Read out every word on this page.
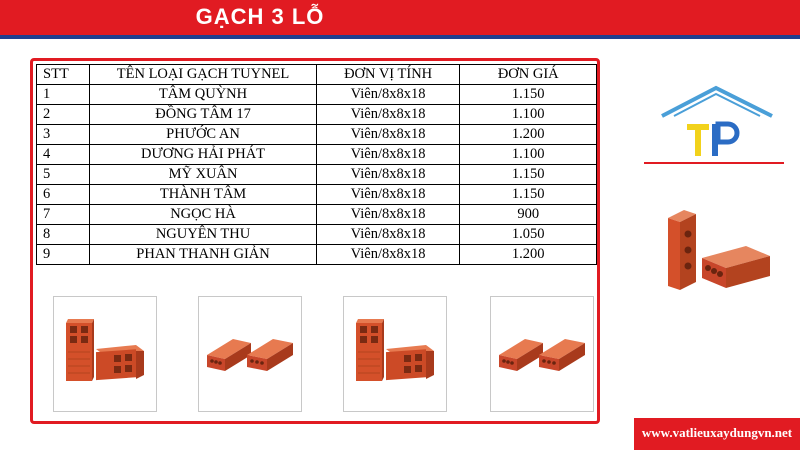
GẠCH 3 LỖ
STT	TÊN LOẠI GẠCH TUYNEL	ĐƠN VỊ TÍNH	ĐƠN GIÁ
1	TÂM QUỲNH	Viên/8x8x18	1.150
2	ĐỒNG TÂM 17	Viên/8x8x18	1.100
3	PHƯỚC AN	Viên/8x8x18	1.200
4	DƯƠNG HẢI PHÁT	Viên/8x8x18	1.100
5	MỸ XUÂN	Viên/8x8x18	1.150
6	THÀNH TÂM	Viên/8x8x18	1.150
7	NGỌC HÀ	Viên/8x8x18	900
8	NGUYÊN THU	Viên/8x8x18	1.050
9	PHAN THANH GIẢN	Viên/8x8x18	1.200
www.vatlieuxaydungvn.net
